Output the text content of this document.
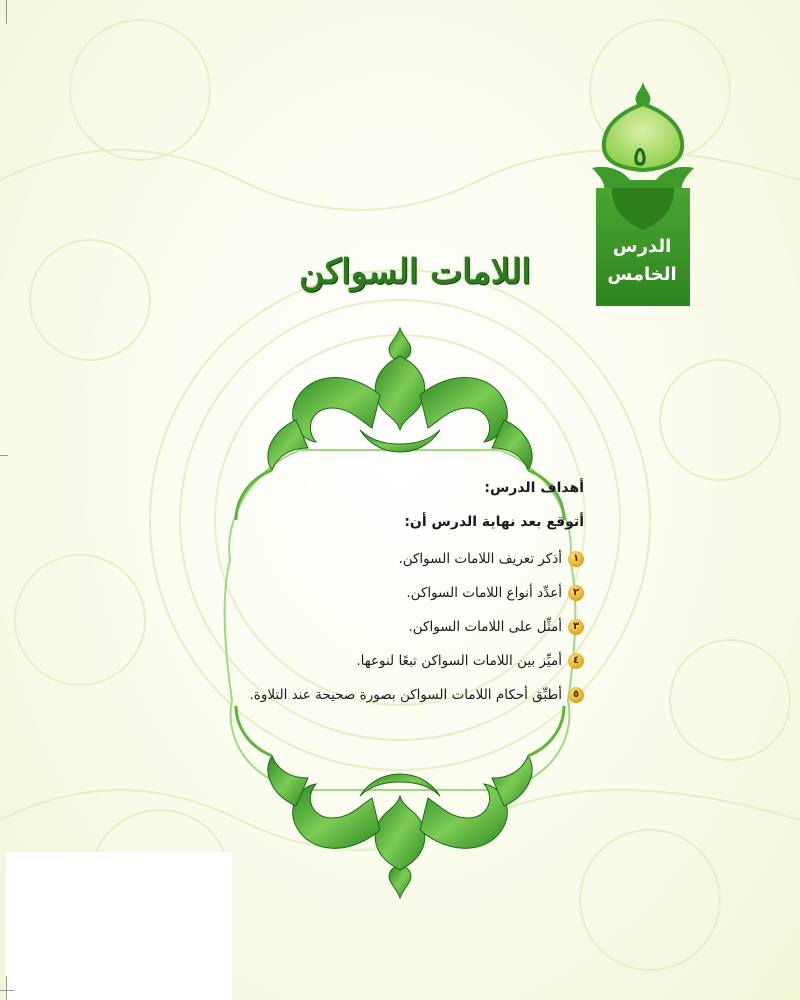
٥
الدرس
الخامس
اللامات السواكن
أهداف الدرس:
أتوقع بعد نهاية الدرس أن:
١
أذكر تعريف اللامات السواكن.
٢
أعدِّد أنواع اللامات السواكن.
٣
أمثِّل على اللامات السواكن.
٤
أميِّز بين اللامات السواكن تبعًا لنوعها.
٥
أطبِّق أحكام اللامات السواكن بصورة صحيحة عند التلاوة.
